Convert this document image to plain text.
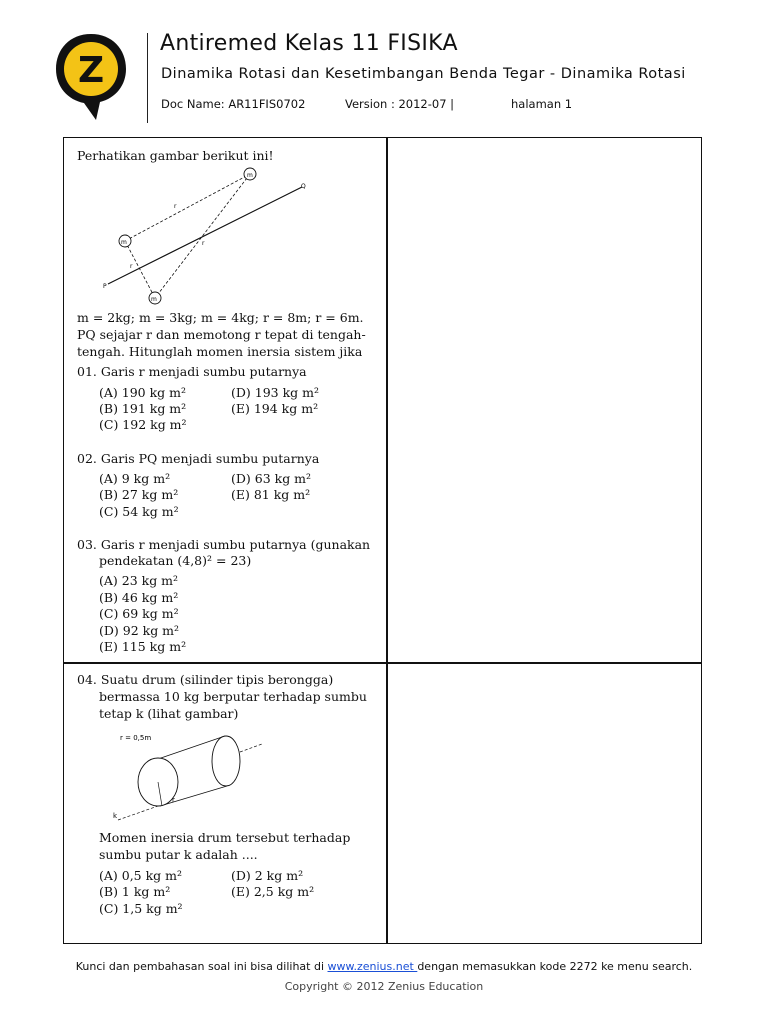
Z
Antiremed Kelas 11 FISIKA
Dinamika Rotasi dan Kesetimbangan Benda Tegar - Dinamika Rotasi
Doc Name: AR11FIS0702	Version : 2012-07 |	halaman 1
Perhatikan gambar berikut ini!
m
m
m
r
r
r
P
Q
m = 2kg; m = 3kg; m = 4kg; r = 8m; r = 6m.
PQ sejajar r dan memotong r tepat di tengah-
tengah. Hitunglah momen inersia sistem jika
01. Garis r menjadi sumbu putarnya
(A) 190 kg m²
(B) 191 kg m²
(C) 192 kg m²
(D) 193 kg m²
(E) 194 kg m²
02. Garis PQ menjadi sumbu putarnya
(A) 9 kg m²
(B) 27 kg m²
(C) 54 kg m²
(D) 63 kg m²
(E) 81 kg m²
03. Garis r menjadi sumbu putarnya (gunakan
pendekatan (4,8)² = 23)
(A) 23 kg m²
(B) 46 kg m²
(C) 69 kg m²
(D) 92 kg m²
(E) 115 kg m²
04. Suatu drum (silinder tipis berongga)
bermassa 10 kg berputar terhadap sumbu
tetap k (lihat gambar)
r = 0,5m
k
r
Momen inersia drum tersebut terhadap
sumbu putar k adalah ....
(A) 0,5 kg m²
(B) 1 kg m²
(C) 1,5 kg m²
(D) 2 kg m²
(E) 2,5 kg m²
Kunci dan pembahasan soal ini bisa dilihat di www.zenius.net dengan memasukkan kode 2272 ke menu search.
Copyright © 2012 Zenius Education
